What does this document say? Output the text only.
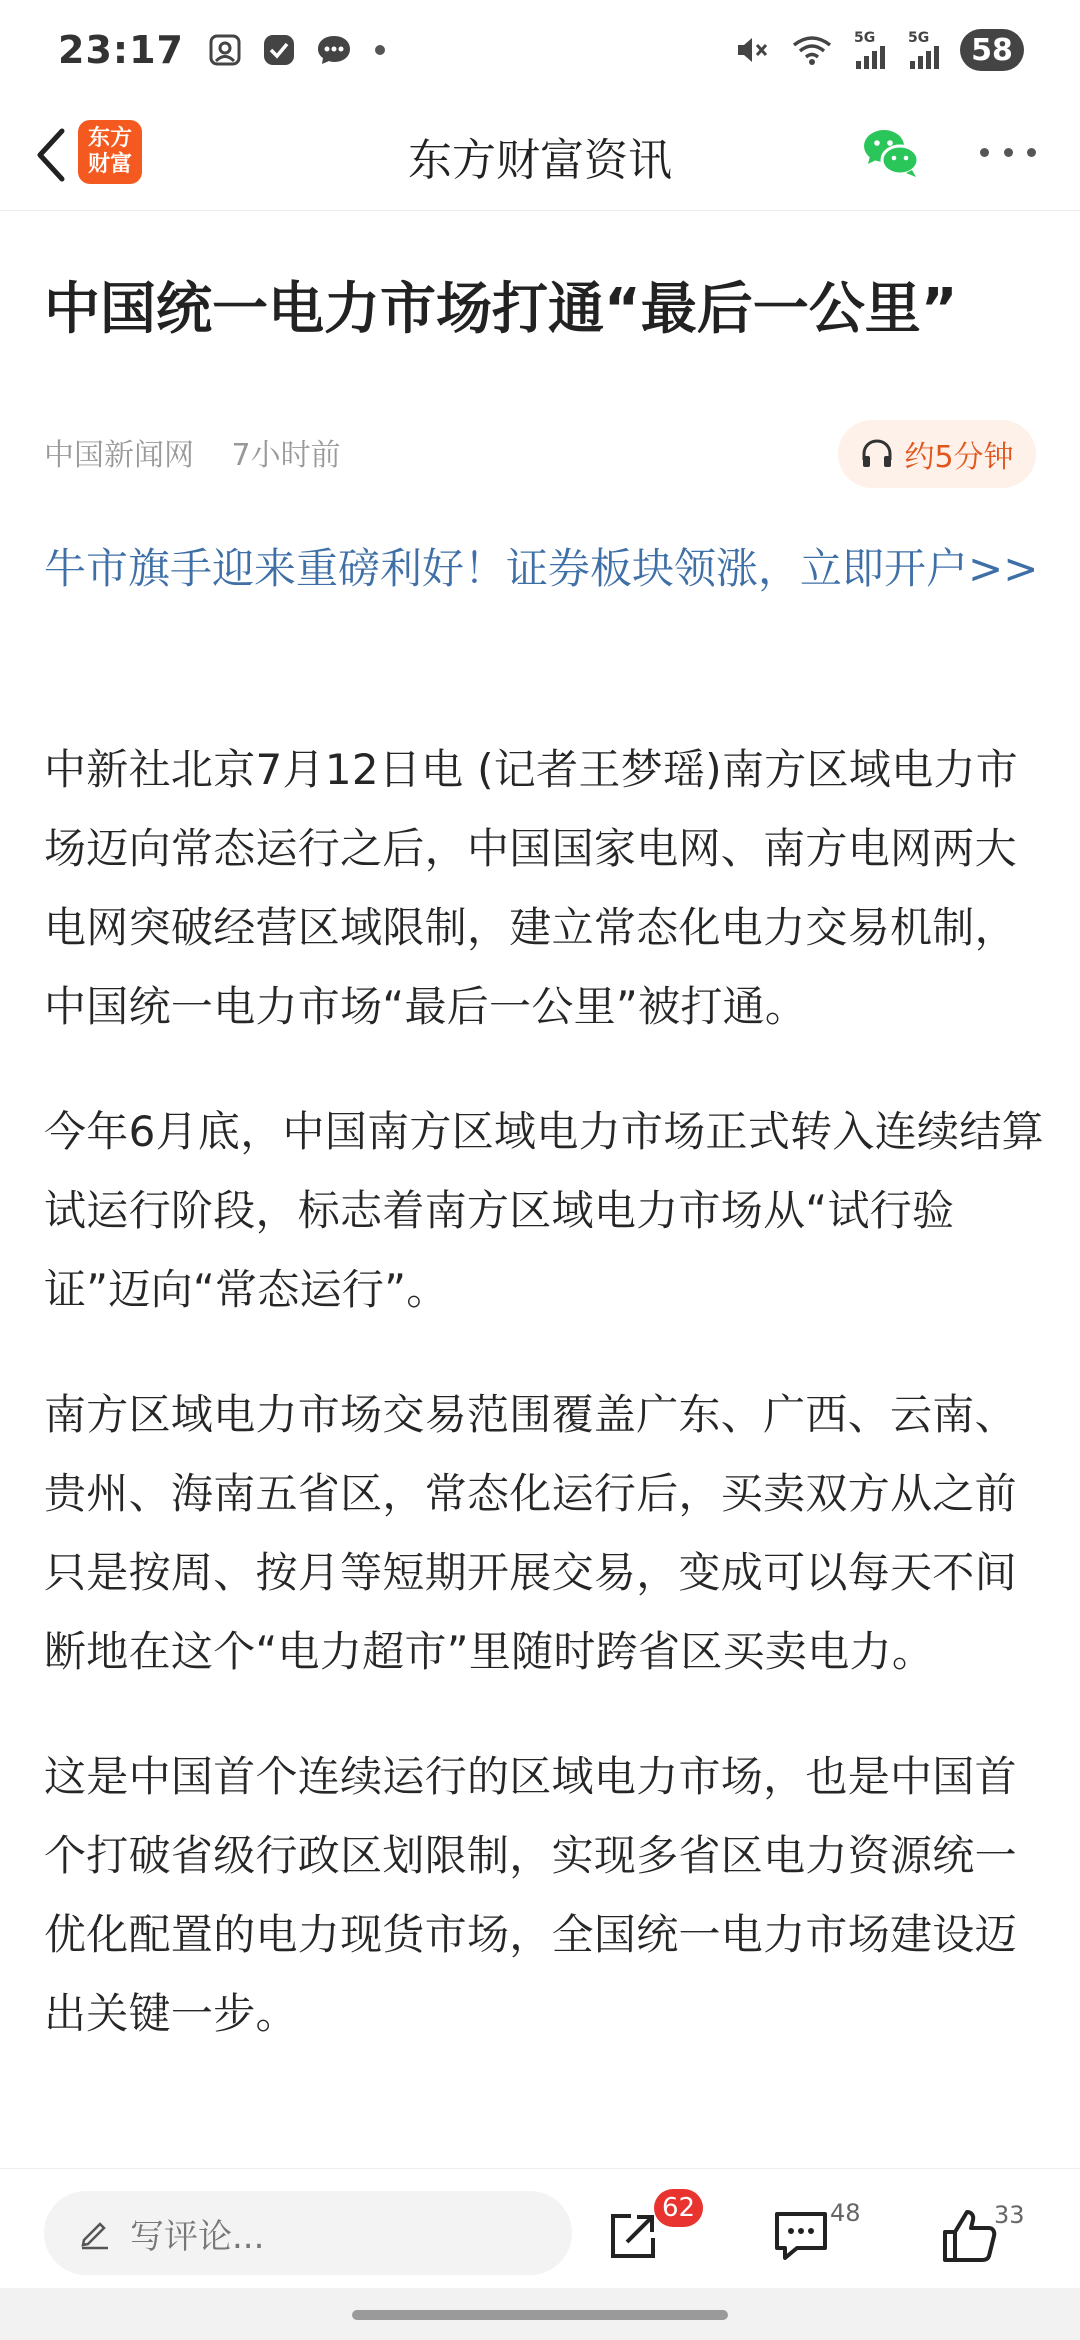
23:17	5G 5G	58
东方
财富	东方财富资讯
中国统一电力市场打通“最后一公里”
中国新闻网 7小时前	约5分钟
牛市旗手迎来重磅利好！证券板块领涨，立即开户>>

中新社北京7月12日电 (记者王梦瑶)南方区域电力市场迈向常态运行之后，中国国家电网、南方电网两大电网突破经营区域限制，建立常态化电力交易机制，中国统一电力市场“最后一公里”被打通。

今年6月底，中国南方区域电力市场正式转入连续结算试运行阶段，标志着南方区域电力市场从“试行验证”迈向“常态运行”。

南方区域电力市场交易范围覆盖广东、广西、云南、贵州、海南五省区，常态化运行后，买卖双方从之前只是按周、按月等短期开展交易，变成可以每天不间断地在这个“电力超市”里随时跨省区买卖电力。

这是中国首个连续运行的区域电力市场，也是中国首个打破省级行政区划限制，实现多省区电力资源统一优化配置的电力现货市场，全国统一电力市场建设迈出关键一步。

写评论...
62	48	33
